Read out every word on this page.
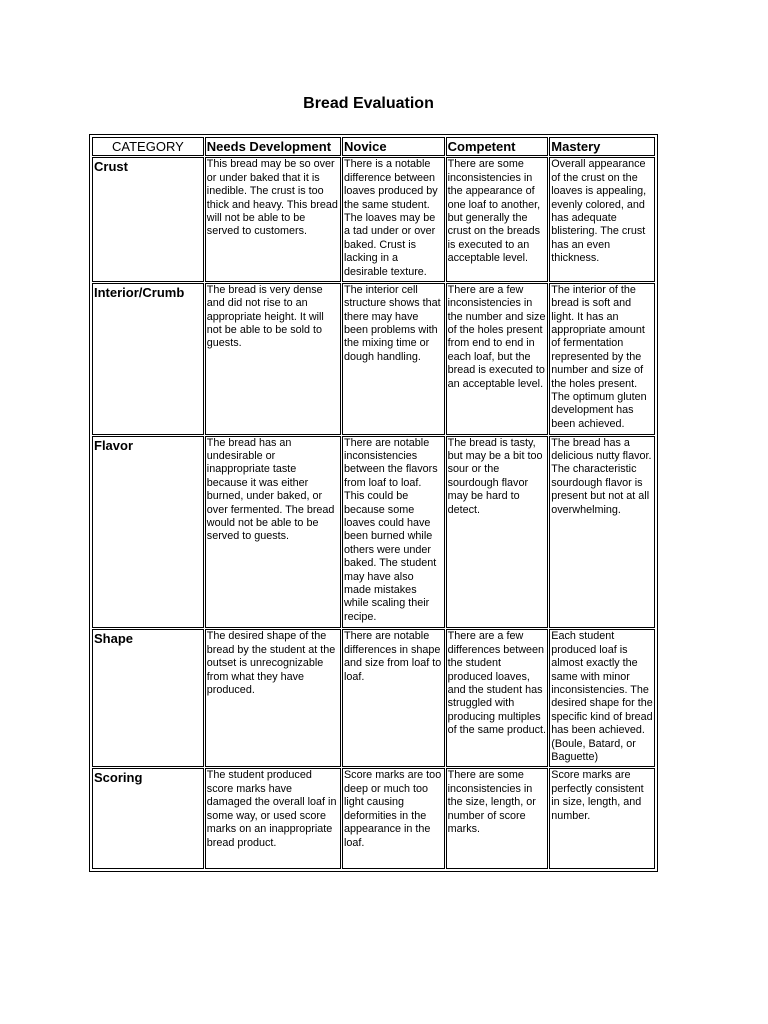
Bread Evaluation
CATEGORY	Needs Development	Novice	Competent	Mastery
Crust	This bread may be so over or under baked that it is inedible. The crust is too thick and heavy. This bread will not be able to be served to customers.	There is a notable difference between loaves produced by the same student. The loaves may be a tad under or over baked. Crust is lacking in a desirable texture.	There are some inconsistencies in the appearance of one loaf to another, but generally the crust on the breads is executed to an acceptable level.	Overall appearance of the crust on the loaves is appealing, evenly colored, and has adequate blistering. The crust has an even thickness.
Interior/Crumb	The bread is very dense and did not rise to an appropriate height. It will not be able to be sold to guests.	The interior cell structure shows that there may have been problems with the mixing time or dough handling.	There are a few inconsistencies in the number and size of the holes present from end to end in each loaf, but the bread is executed to an acceptable level.	The interior of the bread is soft and light. It has an appropriate amount of fermentation represented by the number and size of the holes present. The optimum gluten development has been achieved.
Flavor	The bread has an undesirable or inappropriate taste because it was either burned, under baked, or over fermented. The bread would not be able to be served to guests.	There are notable inconsistencies between the flavors from loaf to loaf. This could be because some loaves could have been burned while others were under baked. The student may have also made mistakes while scaling their recipe.	The bread is tasty, but may be a bit too sour or the sourdough flavor may be hard to detect.	The bread has a delicious nutty flavor. The characteristic sourdough flavor is present but not at all overwhelming.
Shape	The desired shape of the bread by the student at the outset is unrecognizable from what they have produced.	There are notable differences in shape and size from loaf to loaf.	There are a few differences between the student produced loaves, and the student has struggled with producing multiples of the same product.	Each student produced loaf is almost exactly the same with minor inconsistencies. The desired shape for the specific kind of bread has been achieved. (Boule, Batard, or Baguette)
Scoring	The student produced score marks have damaged the overall loaf in some way, or used score marks on an inappropriate bread product.	Score marks are too deep or much too light causing deformities in the appearance in the loaf.	There are some inconsistencies in the size, length, or number of score marks.	Score marks are perfectly consistent in size, length, and number.
